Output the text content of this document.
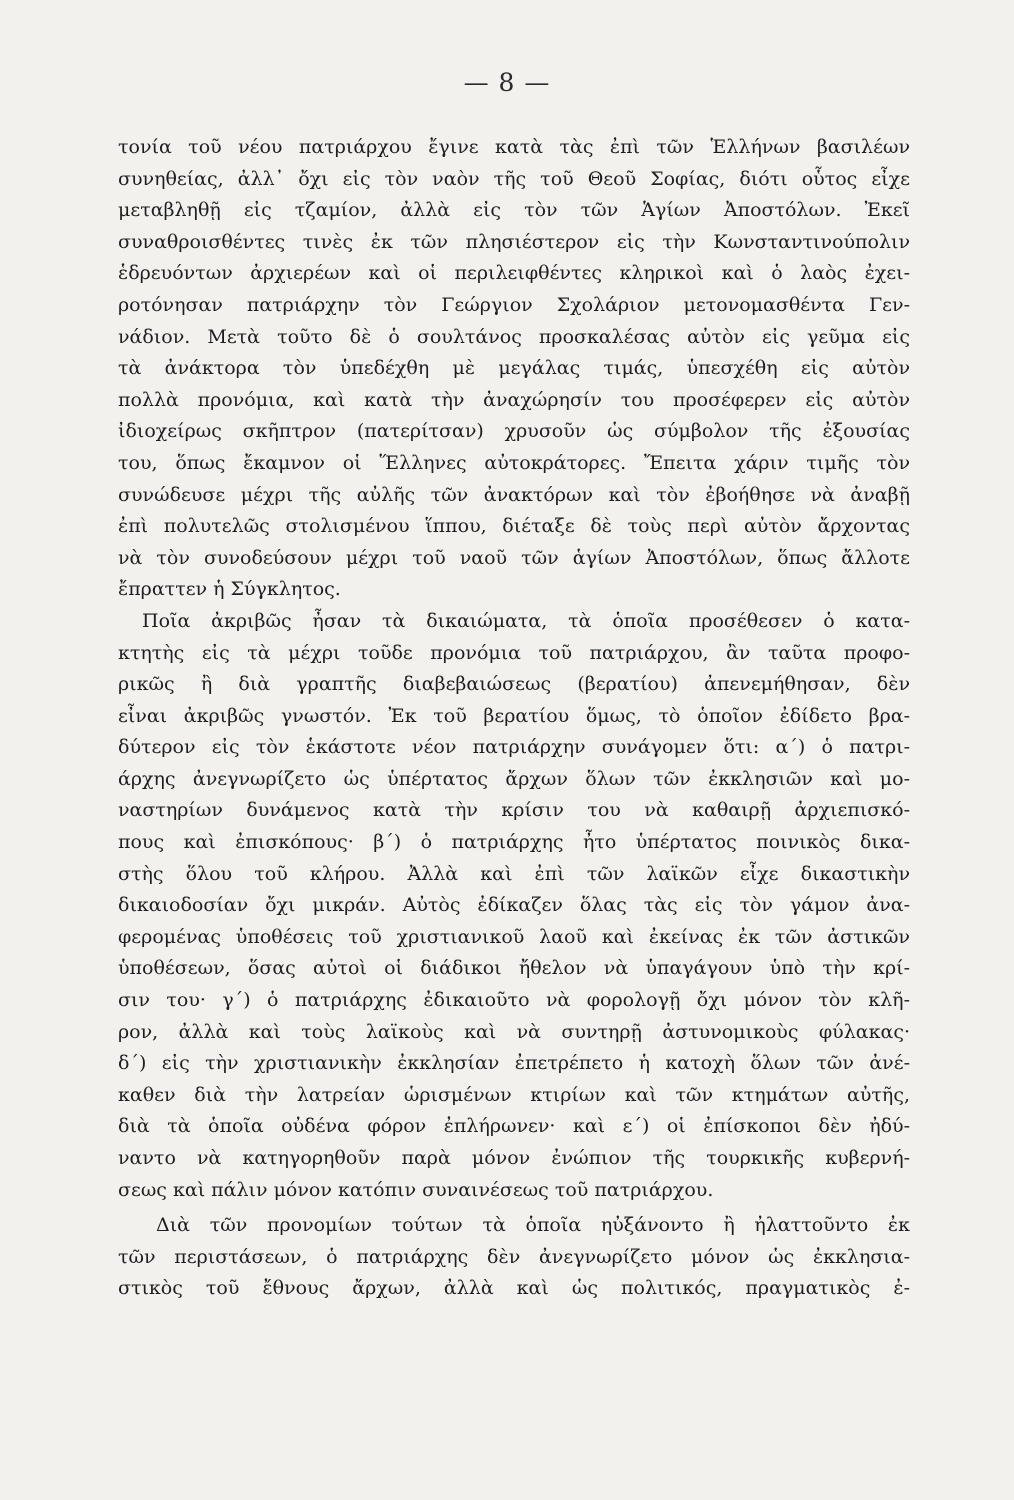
— 8 —
τονία τοῦ νέου πατριάρχου ἔγινε κατὰ τὰς ἐπὶ τῶν Ἑλλήνων βασιλέων
συνηθείας, ἀλλ᾽ ὄχι εἰς τὸν ναὸν τῆς τοῦ Θεοῦ Σοφίας, διότι οὗτος εἶχε
μεταβληθῇ εἰς τζαμίον, ἀλλὰ εἰς τὸν τῶν Ἁγίων Ἀποστόλων. Ἐκεῖ
συναθροισθέντες τινὲς ἐκ τῶν πλησιέστερον εἰς τὴν Κωνσταντινούπολιν
ἑδρευόντων ἀρχιερέων καὶ οἱ περιλειφθέντες κληρικοὶ καὶ ὁ λαὸς ἐχει-
ροτόνησαν πατριάρχην τὸν Γεώργιον Σχολάριον μετονομασθέντα Γεν-
νάδιον. Μετὰ τοῦτο δὲ ὁ σουλτάνος προσκαλέσας αὐτὸν εἰς γεῦμα εἰς
τὰ ἀνάκτορα τὸν ὑπεδέχθη μὲ μεγάλας τιμάς, ὑπεσχέθη εἰς αὐτὸν
πολλὰ προνόμια, καὶ κατὰ τὴν ἀναχώρησίν του προσέφερεν εἰς αὐτὸν
ἰδιοχείρως σκῆπτρον (πατερίτσαν) χρυσοῦν ὡς σύμβολον τῆς ἐξουσίας
του, ὅπως ἔκαμνον οἱ Ἕλληνες αὐτοκράτορες. Ἔπειτα χάριν τιμῆς τὸν
συνώδευσε μέχρι τῆς αὐλῆς τῶν ἀνακτόρων καὶ τὸν ἐβοήθησε νὰ ἀναβῇ
ἐπὶ πολυτελῶς στολισμένου ἵππου, διέταξε δὲ τοὺς περὶ αὐτὸν ἄρχοντας
νὰ τὸν συνοδεύσουν μέχρι τοῦ ναοῦ τῶν ἁγίων Ἀποστόλων, ὅπως ἄλλοτε
ἔπραττεν ἡ Σύγκλητος.
Ποῖα ἀκριβῶς ἦσαν τὰ δικαιώματα, τὰ ὁποῖα προσέθεσεν ὁ κατα-
κτητὴς εἰς τὰ μέχρι τοῦδε προνόμια τοῦ πατριάρχου, ἂν ταῦτα προφο-
ρικῶς ἢ διὰ γραπτῆς διαβεβαιώσεως (βερατίου) ἀπενεμήθησαν, δὲν
εἶναι ἀκριβῶς γνωστόν. Ἐκ τοῦ βερατίου ὅμως, τὸ ὁποῖον ἐδίδετο βρα-
δύτερον εἰς τὸν ἑκάστοτε νέον πατριάρχην συνάγομεν ὅτι: α΄) ὁ πατρι-
άρχης ἀνεγνωρίζετο ὡς ὑπέρτατος ἄρχων ὅλων τῶν ἐκκλησιῶν καὶ μο-
ναστηρίων δυνάμενος κατὰ τὴν κρίσιν του νὰ καθαιρῇ ἀρχιεπισκό-
πους καὶ ἐπισκόπους· β΄) ὁ πατριάρχης ἦτο ὑπέρτατος ποινικὸς δικα-
στὴς ὅλου τοῦ κλήρου. Ἀλλὰ καὶ ἐπὶ τῶν λαϊκῶν εἶχε δικαστικὴν
δικαιοδοσίαν ὄχι μικράν. Αὐτὸς ἐδίκαζεν ὅλας τὰς εἰς τὸν γάμον ἀνα-
φερομένας ὑποθέσεις τοῦ χριστιανικοῦ λαοῦ καὶ ἐκείνας ἐκ τῶν ἀστικῶν
ὑποθέσεων, ὅσας αὐτοὶ οἱ διάδικοι ἤθελον νὰ ὑπαγάγουν ὑπὸ τὴν κρί-
σιν του· γ΄) ὁ πατριάρχης ἐδικαιοῦτο νὰ φορολογῇ ὄχι μόνον τὸν κλῆ-
ρον, ἀλλὰ καὶ τοὺς λαϊκοὺς καὶ νὰ συντηρῇ ἀστυνομικοὺς φύλακας·
δ΄) εἰς τὴν χριστιανικὴν ἐκκλησίαν ἐπετρέπετο ἡ κατοχὴ ὅλων τῶν ἀνέ-
καθεν διὰ τὴν λατρείαν ὡρισμένων κτιρίων καὶ τῶν κτημάτων αὐτῆς,
διὰ τὰ ὁποῖα οὐδένα φόρον ἐπλήρωνεν· καὶ ε΄) οἱ ἐπίσκοποι δὲν ἠδύ-
ναντο νὰ κατηγορηθοῦν παρὰ μόνον ἐνώπιον τῆς τουρκικῆς κυβερνή-
σεως καὶ πάλιν μόνον κατόπιν συναινέσεως τοῦ πατριάρχου.
Διὰ τῶν προνομίων τούτων τὰ ὁποῖα ηὐξάνοντο ἢ ἠλαττοῦντο ἐκ
τῶν περιστάσεων, ὁ πατριάρχης δὲν ἀνεγνωρίζετο μόνον ὡς ἐκκλησια-
στικὸς τοῦ ἔθνους ἄρχων, ἀλλὰ καὶ ὡς πολιτικός, πραγματικὸς ἐ-
